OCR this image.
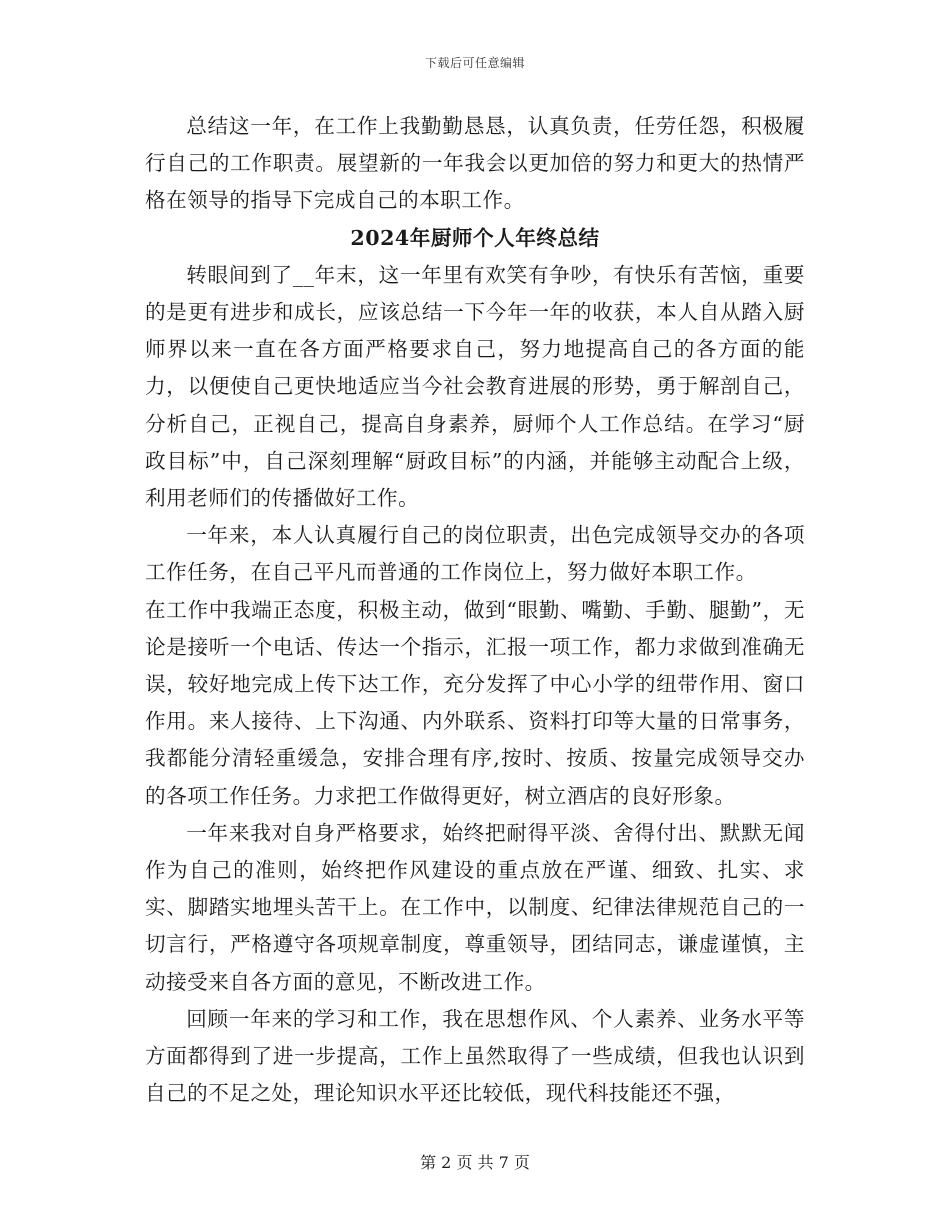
下载后可任意编辑

总结这一年，在工作上我勤勤恳恳，认真负责，任劳任怨，积极履行自己的工作职责。展望新的一年我会以更加倍的努力和更大的热情严格在领导的指导下完成自己的本职工作。

2024年厨师个人年终总结

转眼间到了__年末，这一年里有欢笑有争吵，有快乐有苦恼，重要的是更有进步和成长，应该总结一下今年一年的收获，本人自从踏入厨师界以来一直在各方面严格要求自己，努力地提高自己的各方面的能力，以便使自己更快地适应当今社会教育进展的形势，勇于解剖自己，分析自己，正视自己，提高自身素养，厨师个人工作总结。在学习“厨政目标”中，自己深刻理解“厨政目标”的内涵，并能够主动配合上级，利用老师们的传播做好工作。

一年来，本人认真履行自己的岗位职责，出色完成领导交办的各项工作任务，在自己平凡而普通的工作岗位上，努力做好本职工作。

在工作中我端正态度，积极主动，做到“眼勤、嘴勤、手勤、腿勤”，无论是接听一个电话、传达一个指示，汇报一项工作，都力求做到准确无误，较好地完成上传下达工作，充分发挥了中心小学的纽带作用、窗口作用。来人接待、上下沟通、内外联系、资料打印等大量的日常事务，我都能分清轻重缓急，安排合理有序,按时、按质、按量完成领导交办的各项工作任务。力求把工作做得更好，树立酒店的良好形象。

一年来我对自身严格要求，始终把耐得平淡、舍得付出、默默无闻作为自己的准则，始终把作风建设的重点放在严谨、细致、扎实、求实、脚踏实地埋头苦干上。在工作中，以制度、纪律法律规范自己的一切言行，严格遵守各项规章制度，尊重领导，团结同志，谦虚谨慎，主动接受来自各方面的意见，不断改进工作。

回顾一年来的学习和工作，我在思想作风、个人素养、业务水平等方面都得到了进一步提高，工作上虽然取得了一些成绩，但我也认识到自己的不足之处，理论知识水平还比较低，现代科技能还不强，

第 2 页 共 7 页
